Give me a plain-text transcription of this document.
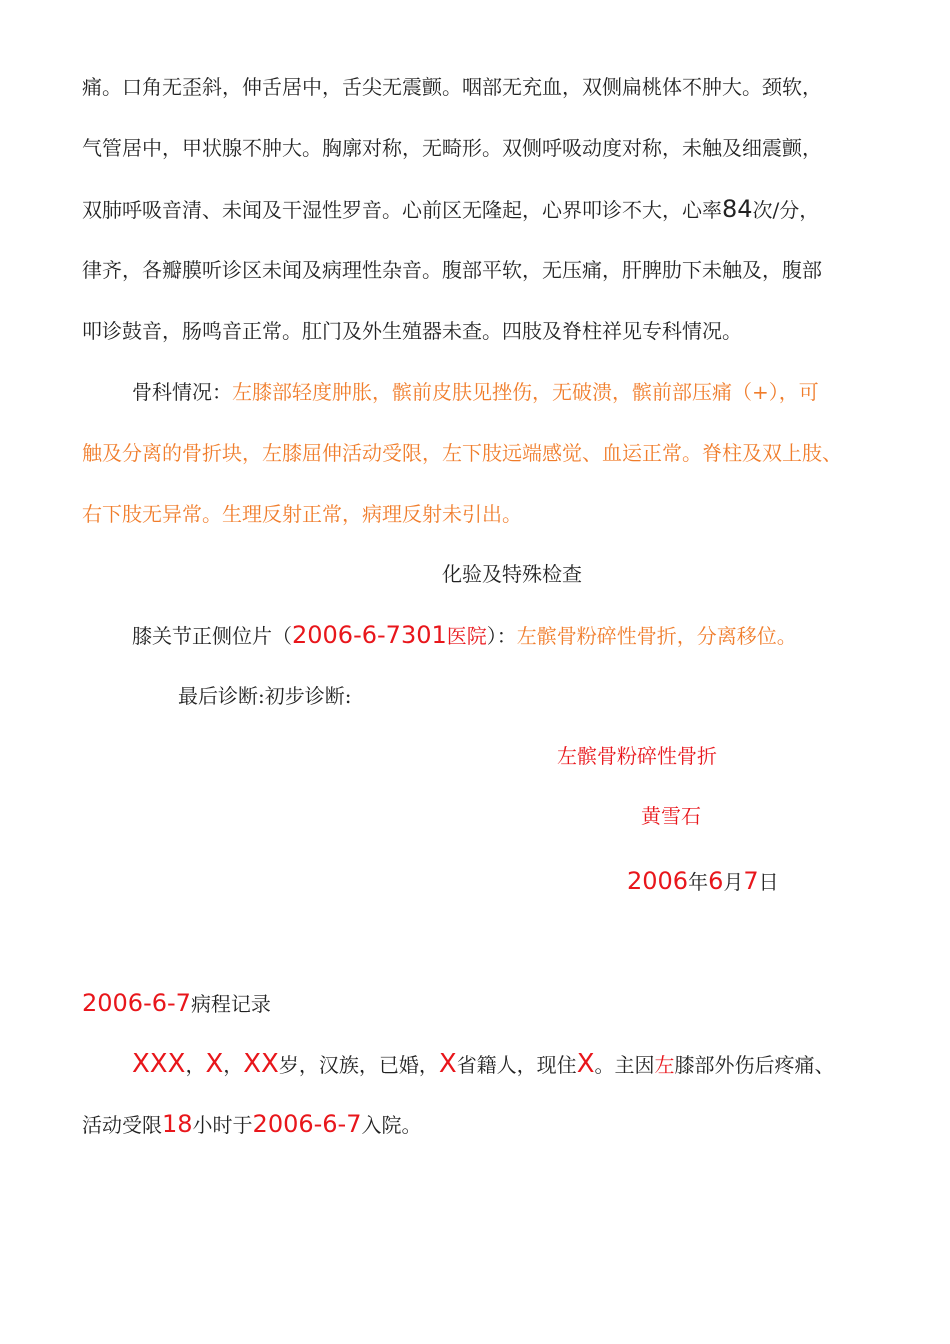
痛。口角无歪斜，伸舌居中，舌尖无震颤。咽部无充血，双侧扁桃体不肿大。颈软，
气管居中，甲状腺不肿大。胸廓对称，无畸形。双侧呼吸动度对称，未触及细震颤，
双肺呼吸音清、未闻及干湿性罗音。心前区无隆起，心界叩诊不大，心率84次/分，
律齐，各瓣膜听诊区未闻及病理性杂音。腹部平软，无压痛，肝脾肋下未触及，腹部
叩诊鼓音，肠鸣音正常。肛门及外生殖器未查。四肢及脊柱祥见专科情况。
骨科情况：左膝部轻度肿胀，髌前皮肤见挫伤，无破溃，髌前部压痛（+），可
触及分离的骨折块，左膝屈伸活动受限，左下肢远端感觉、血运正常。脊柱及双上肢、
右下肢无异常。生理反射正常，病理反射未引出。
化验及特殊检查
膝关节正侧位片（2006-6-7301医院）：左髌骨粉碎性骨折，分离移位。
最后诊断:初步诊断:
左髌骨粉碎性骨折
黄雪石
2006年6月7日
2006-6-7病程记录
XXX，X，XX岁，汉族，已婚，X省籍人，现住X。主因左膝部外伤后疼痛、
活动受限18小时于2006-6-7入院。
